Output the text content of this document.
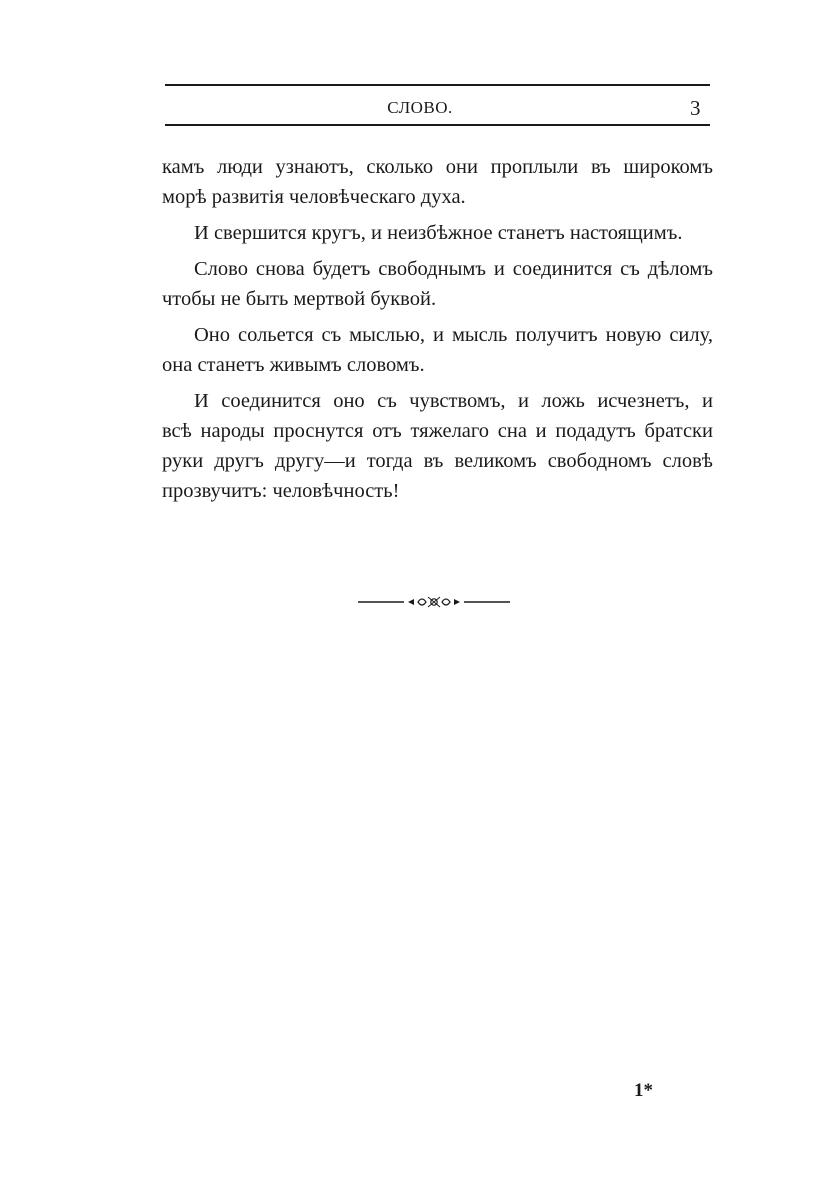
СЛОВО.	3
камъ люди узнаютъ, сколько они проплыли въ широкомъ
морѣ
развитія
человѣческаго
духа.
И
свершится
кругъ,
и
неизбѣжное
станетъ
настоящимъ.
Слово снова будетъ свободнымъ и соединится съ дѣломъ
чтобы
не
быть
мертвой
буквой.
Оно сольется съ мыслью, и мысль получитъ новую силу,
она
станетъ
живымъ
словомъ.
И соединится оно съ чувствомъ, и ложь исчезнетъ, и
всѣ народы проснутся отъ тяжелаго сна и подадутъ братски
руки другъ другу—и тогда въ великомъ свободномъ словѣ
прозвучитъ:
человѣчность!
1*
